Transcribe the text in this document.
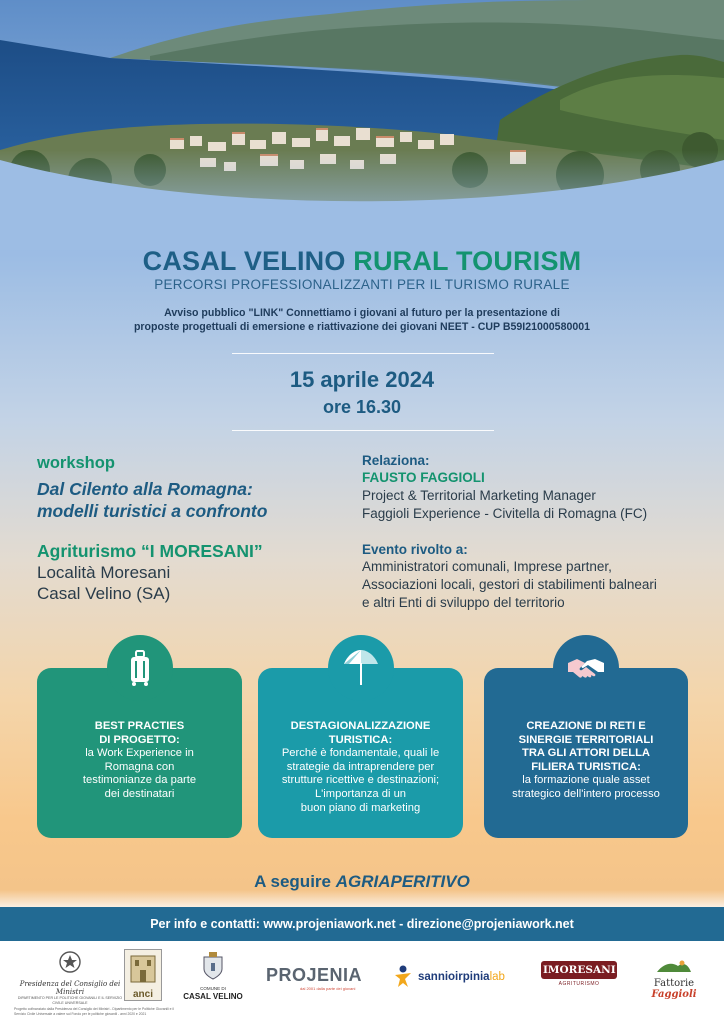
CASAL VELINO RURAL TOURISM
PERCORSI PROFESSIONALIZZANTI PER IL TURISMO RURALE
Avviso pubblico "LINK" Connettiamo i giovani al futuro per la presentazione di
proposte progettuali di emersione e riattivazione dei giovani NEET - CUP B59I21000580001
15 aprile 2024
ore 16.30
workshop
Dal Cilento alla Romagna:
modelli turistici a confronto
Agriturismo “I MORESANI”
Località Moresani
Casal Velino (SA)
Relaziona:
FAUSTO FAGGIOLI
Project & Territorial Marketing Manager
Faggioli Experience - Civitella di Romagna (FC)
Evento rivolto a:
Amministratori comunali, Imprese partner,
Associazioni locali, gestori di stabilimenti balneari
e altri Enti di sviluppo del territorio
BEST PRACTIES
DI PROGETTO:
la Work Experience in
Romagna con
testimonianze da parte
dei destinatari
DESTAGIONALIZZAZIONE
TURISTICA:
Perché è fondamentale, quali le
strategie da intraprendere per
strutture ricettive e destinazioni;
L'importanza di un
buon piano di marketing
CREAZIONE DI RETI E
SINERGIE TERRITORIALI
TRA GLI ATTORI DELLA
FILIERA TURISTICA:
la formazione quale asset
strategico dell'intero processo
A seguire AGRIAPERITIVO
Per info e contatti: www.projeniawork.net - direzione@projeniawork.net
Presidenza del Consiglio dei Ministri
DIPARTIMENTO PER LE POLITICHE GIOVANILI E IL SERVIZIO CIVILE UNIVERSALE
anci
COMUNE DI
CASAL VELINO
PROJENIA
dal 2001 dalla parte dei giovani
sannioirpinia lab
IMORESANI
AGRITURISMO	Fattorie
Faggioli
Progetto cofinanziato dalla Presidenza del Consiglio dei Ministri - Dipartimento per le Politiche Giovanili e il Servizio Civile Universale a valere sul Fondo per le politiche giovanili - anni 2020 e 2021
